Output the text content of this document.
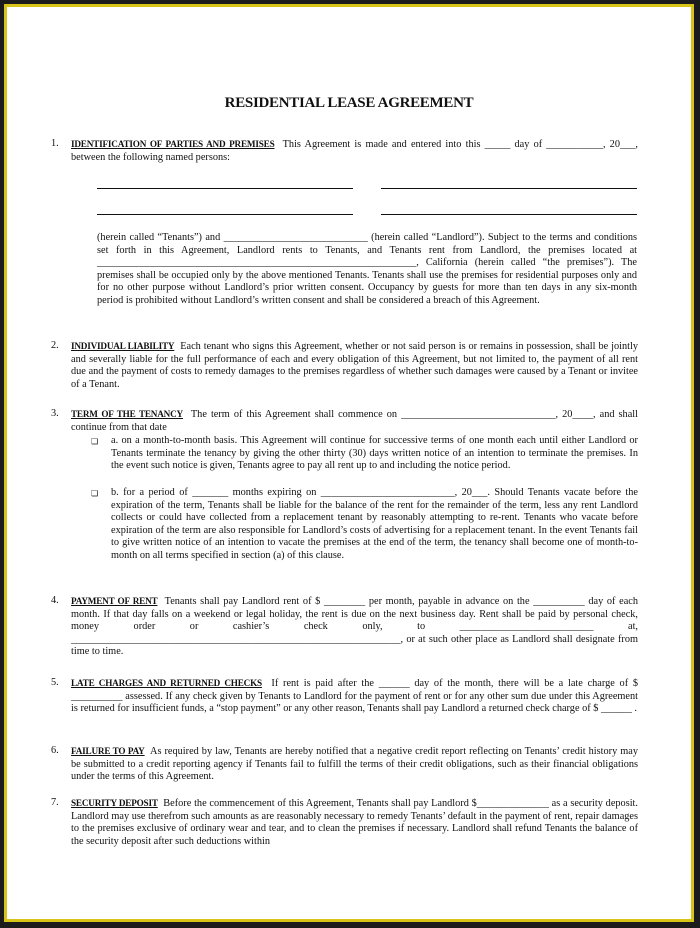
RESIDENTIAL LEASE AGREEMENT
1. IDENTIFICATION OF PARTIES AND PREMISES This Agreement is made and entered into this _____ day of ___________, 20___, between the following named persons:

(herein called “Tenants”) and ____________________________ (herein called “Landlord”). Subject to the terms and conditions set forth in this Agreement, Landlord rents to Tenants, and Tenants rent from Landlord, the premises located at ______________________________________________________________, California (herein called “the premises”). The premises shall be occupied only by the above mentioned Tenants. Tenants shall use the premises for residential purposes only and for no other purpose without Landlord’s prior written consent. Occupancy by guests for more than ten days in any six-month period is prohibited without Landlord’s written consent and shall be considered a breach of this Agreement.

2. INDIVIDUAL LIABILITY Each tenant who signs this Agreement, whether or not said person is or remains in possession, shall be jointly and severally liable for the full performance of each and every obligation of this Agreement, but not limited to, the payment of all rent due and the payment of costs to remedy damages to the premises regardless of whether such damages were caused by a Tenant or invitee of a Tenant.

3. TERM OF THE TENANCY The term of this Agreement shall commence on ______________________________, 20____, and shall continue from that date

❏ a. on a month-to-month basis. This Agreement will continue for successive terms of one month each until either Landlord or Tenants terminate the tenancy by giving the other thirty (30) days written notice of an intention to terminate the premises. In the event such notice is given, Tenants agree to pay all rent up to and including the notice period.

❏ b. for a period of _______ months expiring on __________________________, 20___. Should Tenants vacate before the expiration of the term, Tenants shall be liable for the balance of the rent for the remainder of the term, less any rent Landlord collects or could have collected from a replacement tenant by reasonably attempting to re-rent. Tenants who vacate before expiration of the term are also responsible for Landlord’s costs of advertising for a replacement tenant. In the event Tenants fail to give written notice of an intention to vacate the premises at the end of the term, the tenancy shall become one of month-to-month on all terms specified in section (a) of this clause.

4. PAYMENT OF RENT Tenants shall pay Landlord rent of $ ________ per month, payable in advance on the __________ day of each month. If that day falls on a weekend or legal holiday, the rent is due on the next business day. Rent shall be paid by personal check, money order or cashier’s check only, to __________________________ at, ________________________________________________________________, or at such other place as Landlord shall designate from time to time.

5. LATE CHARGES AND RETURNED CHECKS If rent is paid after the ______ day of the month, there will be a late charge of $ __________ assessed. If any check given by Tenants to Landlord for the payment of rent or for any other sum due under this Agreement is returned for insufficient funds, a “stop payment” or any other reason, Tenants shall pay Landlord a returned check charge of $ ______ .

6. FAILURE TO PAY As required by law, Tenants are hereby notified that a negative credit report reflecting on Tenants’ credit history may be submitted to a credit reporting agency if Tenants fail to fulfill the terms of their credit obligations, such as their financial obligations under the terms of this Agreement.

7. SECURITY DEPOSIT Before the commencement of this Agreement, Tenants shall pay Landlord $______________ as a security deposit. Landlord may use therefrom such amounts as are reasonably necessary to remedy Tenants’ default in the payment of rent, repair damages to the premises exclusive of ordinary wear and tear, and to clean the premises if necessary. Landlord shall refund Tenants the balance of the security deposit after such deductions within
